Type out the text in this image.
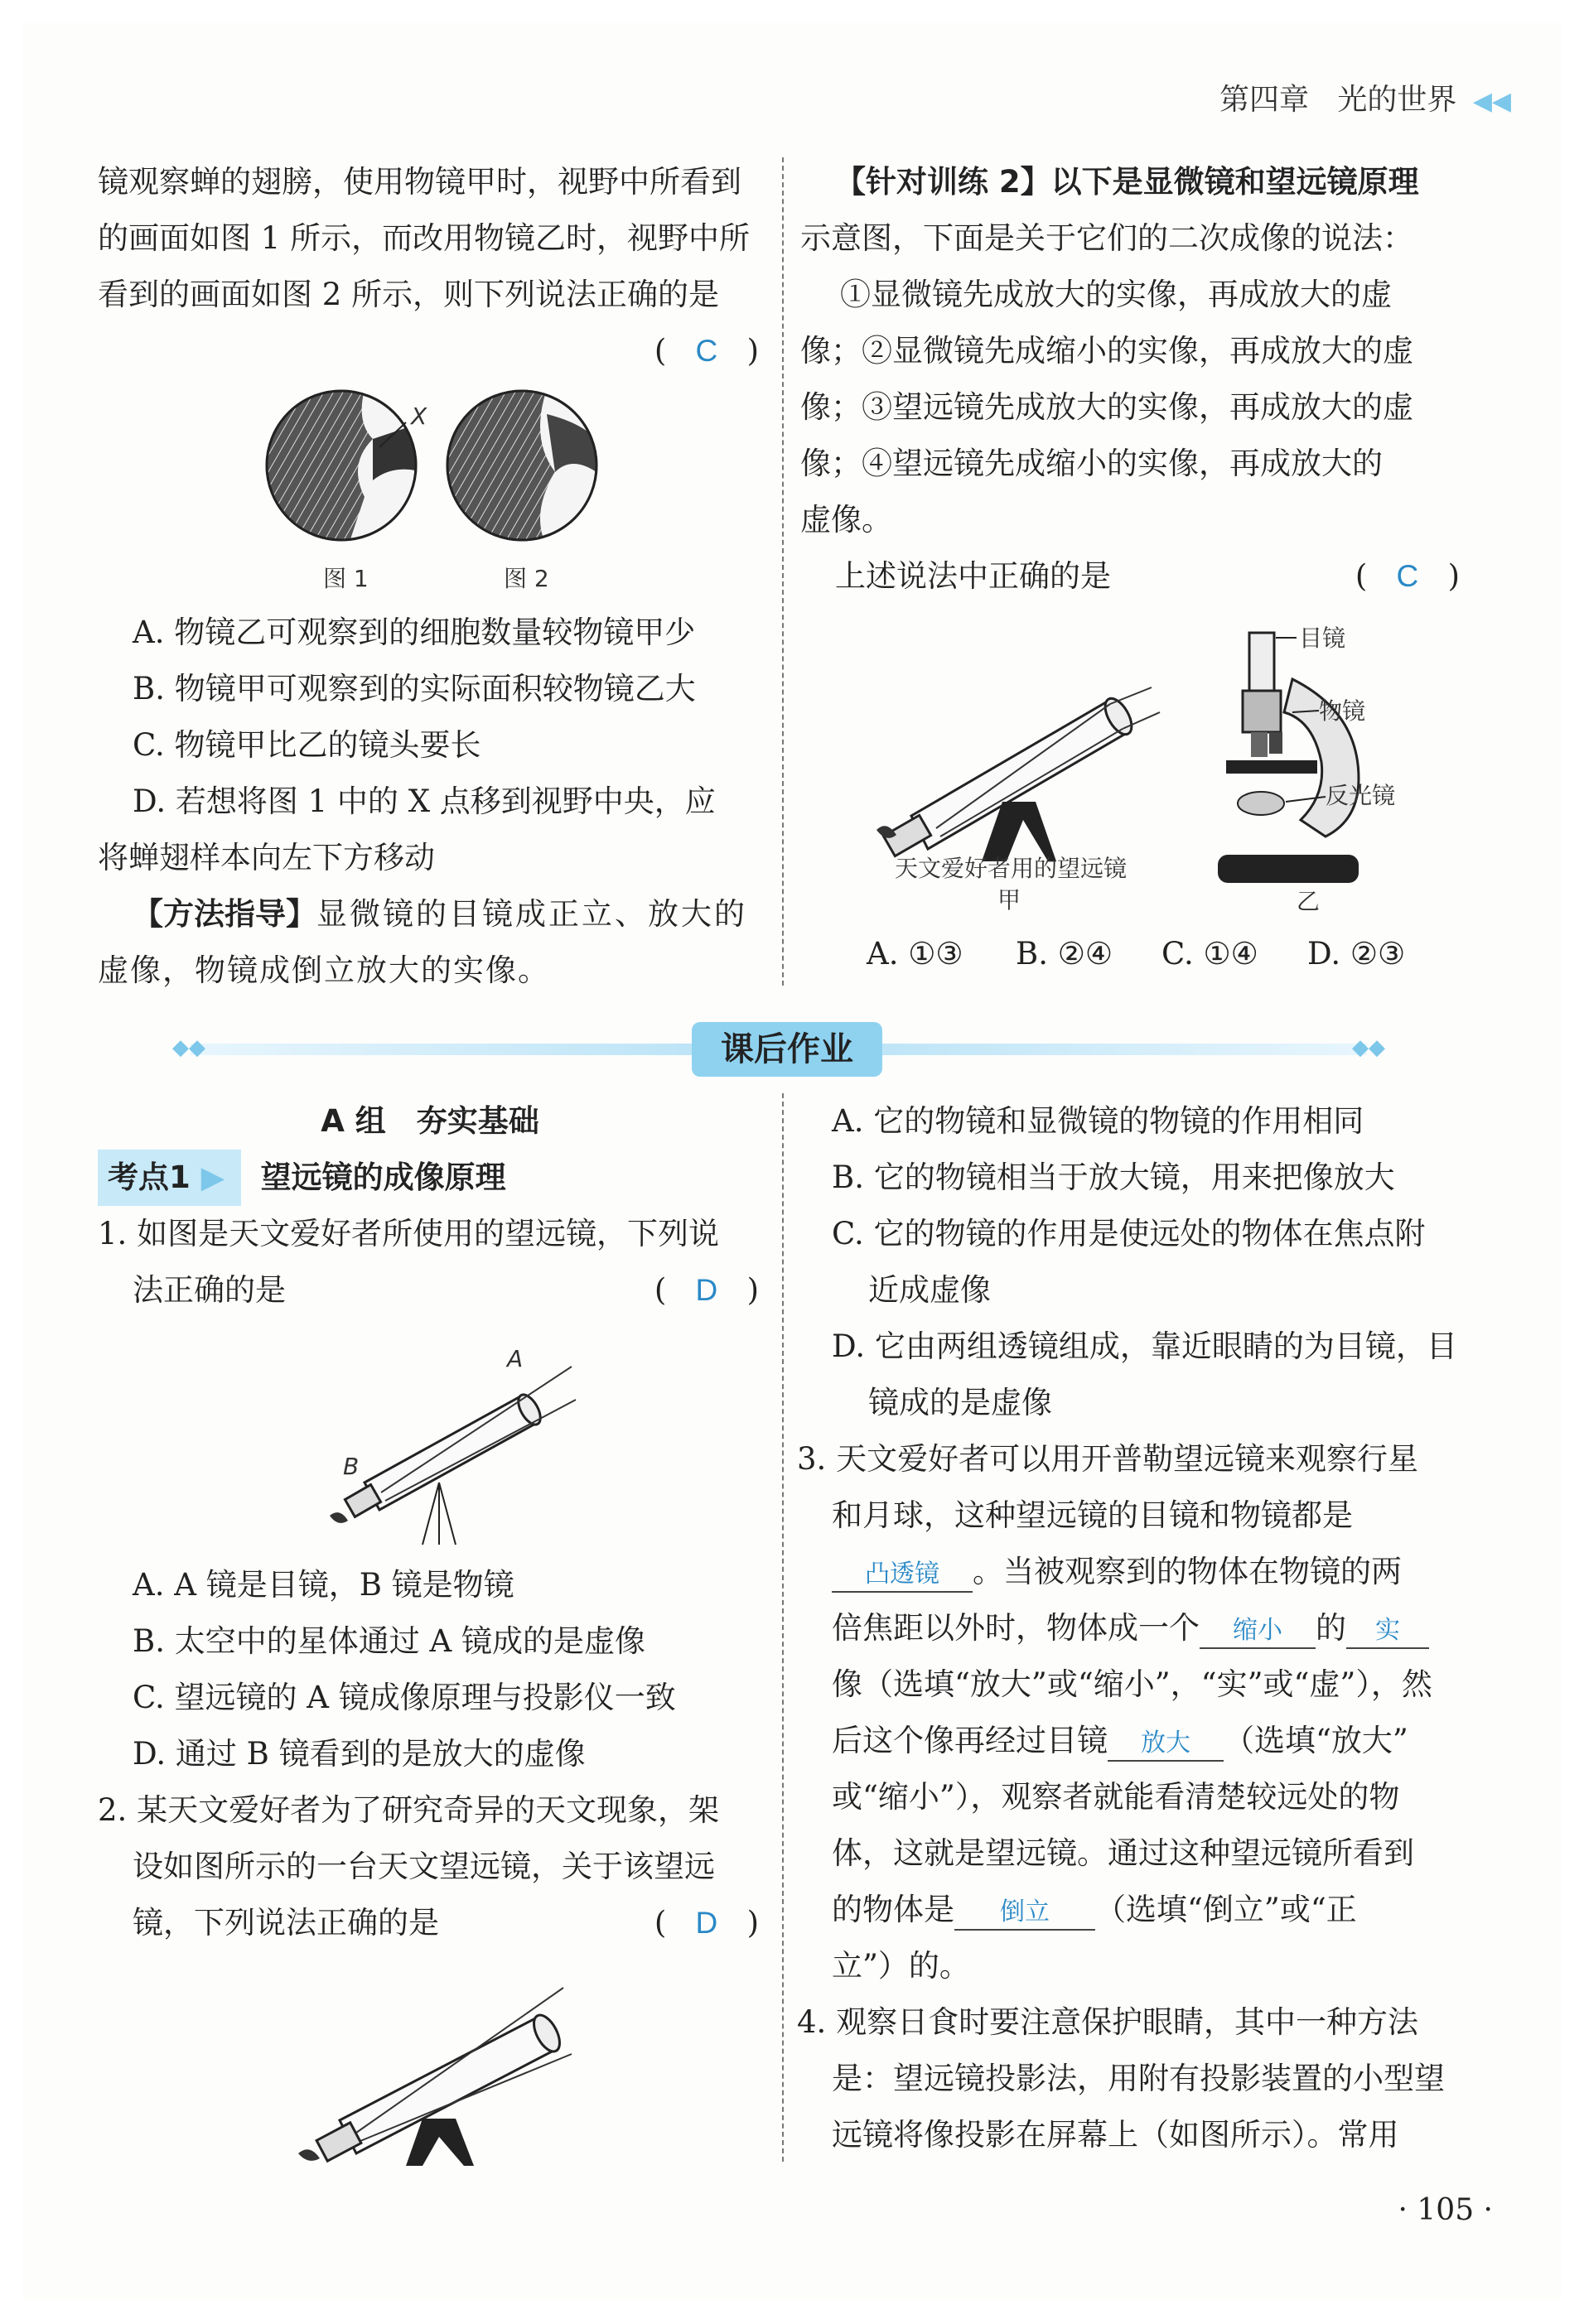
第四章 光的世界 ◀◀

镜观察蝉的翅膀，使用物镜甲时，视野中所看到

的画面如图 1 所示，而改用物镜乙时，视野中所

看到的画面如图 2 所示，则下列说法正确的是

(   C   )

X
图 1	图 2

A. 物镜乙可观察到的细胞数量较物镜甲少

B. 物镜甲可观察到的实际面积较物镜乙大

C. 物镜甲比乙的镜头要长

D. 若想将图 1 中的 X 点移到视野中央，应

将蝉翅样本向左下方移动

【方法指导】显微镜的目镜成正立、放大的

虚像，物镜成倒立放大的实像。

【针对训练 2】以下是显微镜和望远镜原理

示意图，下面是关于它们的二次成像的说法：

①显微镜先成放大的实像，再成放大的虚

像；②显微镜先成缩小的实像，再成放大的虚

像；③望远镜先成放大的实像，再成放大的虚

像；④望远镜先成缩小的实像，再成放大的

虚像。

上述说法中正确的是	(   C   )

天文爱好者用的望远镜
甲
目镜
物镜
反光镜
乙
A. ①③	B. ②④	C. ①④	D. ②③
◆◆	◆◆
课后作业

A 组　夯实基础

考点1 ▶ 望远镜的成像原理

1. 如图是天文爱好者所使用的望远镜，下列说

法正确的是	(   D   )

A
B

A. A 镜是目镜，B 镜是物镜

B. 太空中的星体通过 A 镜成的是虚像

C. 望远镜的 A 镜成像原理与投影仪一致

D. 通过 B 镜看到的是放大的虚像

2. 某天文爱好者为了研究奇异的天文现象，架

设如图所示的一台天文望远镜，关于该望远

镜，下列说法正确的是	(   D   )

A. 它的物镜和显微镜的物镜的作用相同

B. 它的物镜相当于放大镜，用来把像放大

C. 它的物镜的作用是使远处的物体在焦点附

近成虚像

D. 它由两组透镜组成，靠近眼睛的为目镜，目

镜成的是虚像

3. 天文爱好者可以用开普勒望远镜来观察行星

和月球，这种望远镜的目镜和物镜都是

凸透镜 。当被观察到的物体在物镜的两

倍焦距以外时，物体成一个 缩小 的 实

像（选填“放大”或“缩小”，“实”或“虚”），然

后这个像再经过目镜 放大 （选填“放大”

或“缩小”），观察者就能看清楚较远处的物

体，这就是望远镜。通过这种望远镜所看到

的物体是 倒立 （选填“倒立”或“正

立”）的。

4. 观察日食时要注意保护眼睛，其中一种方法

是：望远镜投影法，用附有投影装置的小型望

远镜将像投影在屏幕上（如图所示）。常用

· 105 ·
